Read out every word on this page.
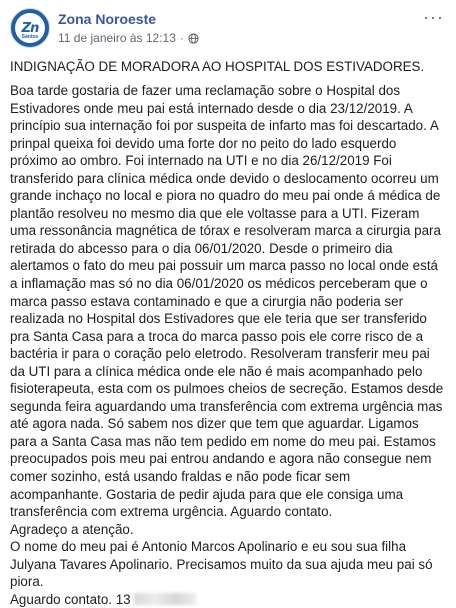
Zn
Santos
Zona Noroeste
11 de janeiro às 12:13 ·
···
INDIGNAÇÃO DE MORADORA AO HOSPITAL DOS ESTIVADORES.
Boa tarde gostaria de fazer uma reclamação sobre o Hospital dos Estivadores onde meu pai está internado desde o dia 23/12/2019. A princípio sua internação foi por suspeita de infarto mas foi descartado. A prinpal queixa foi devido uma forte dor no peito do lado esquerdo próximo ao ombro. Foi internado na UTI e no dia 26/12/2019 Foi transferido para clínica médica onde devido o deslocamento ocorreu um grande inchaço no local e piora no quadro do meu pai onde á médica de plantão resolveu no mesmo dia que ele voltasse para a UTI. Fizeram uma ressonância magnética de tórax e resolveram marca a cirurgia para retirada do abcesso para o dia 06/01/2020. Desde o primeiro dia alertamos o fato do meu pai possuir um marca passo no local onde está a inflamação mas só no dia 06/01/2020 os médicos perceberam que o marca passo estava contaminado e que a cirurgia não poderia ser realizada no Hospital dos Estivadores que ele teria que ser transferido pra Santa Casa para a troca do marca passo pois ele corre risco de a bactéria ir para o coração pelo eletrodo. Resolveram transferir meu pai da UTI para a clínica médica onde ele não é mais acompanhado pelo fisioterapeuta, esta com os pulmoes cheios de secreção. Estamos desde segunda feira aguardando uma transferência com extrema urgência mas até agora nada. Só sabem nos dizer que tem que aguardar. Ligamos para a Santa Casa mas não tem pedido em nome do meu pai. Estamos preocupados pois meu pai entrou andando e agora não consegue nem comer sozinho, está usando fraldas e não pode ficar sem acompanhante. Gostaria de pedir ajuda para que ele consiga uma transferência com extrema urgência. Aguardo contato.
Agradeço a atenção.
O nome do meu pai é Antonio Marcos Apolinario e eu sou sua filha Julyana Tavares Apolinario. Precisamos muito da sua ajuda meu pai só piora.
Aguardo contato. 13
